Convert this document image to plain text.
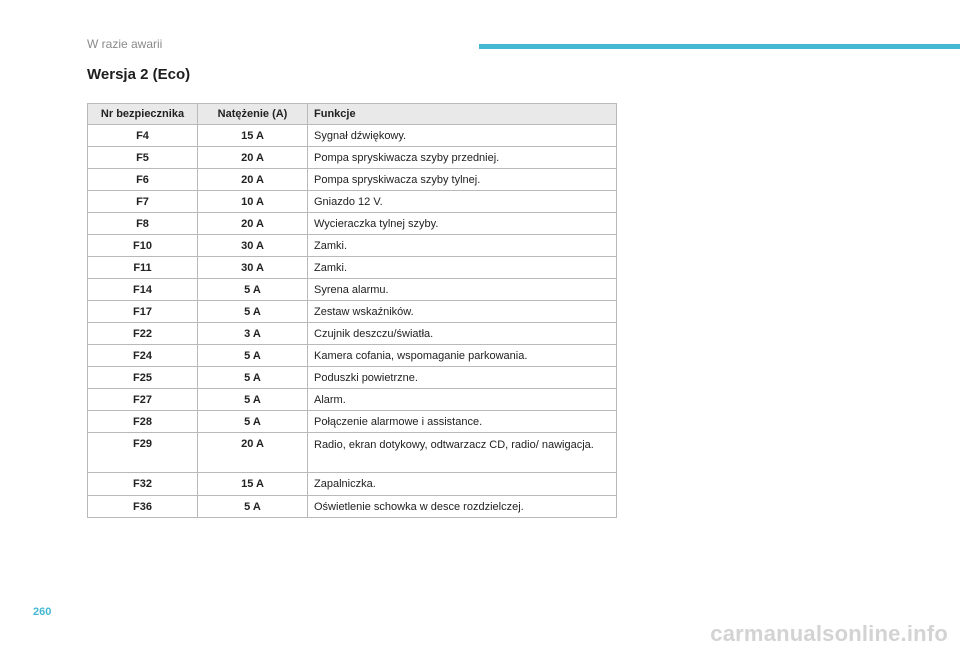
W razie awarii
Wersja 2 (Eco)
Nr bezpiecznika	Natężenie (A)	Funkcje
F4	15 A	Sygnał dźwiękowy.
F5	20 A	Pompa spryskiwacza szyby przedniej.
F6	20 A	Pompa spryskiwacza szyby tylnej.
F7	10 A	Gniazdo 12 V.
F8	20 A	Wycieraczka tylnej szyby.
F10	30 A	Zamki.
F11	30 A	Zamki.
F14	5 A	Syrena alarmu.
F17	5 A	Zestaw wskaźników.
F22	3 A	Czujnik deszczu/światła.
F24	5 A	Kamera cofania, wspomaganie parkowania.
F25	5 A	Poduszki powietrzne.
F27	5 A	Alarm.
F28	5 A	Połączenie alarmowe i assistance.
F29	20 A	Radio, ekran dotykowy, odtwarzacz CD, radio/ nawigacja.
F32	15 A	Zapalniczka.
F36	5 A	Oświetlenie schowka w desce rozdzielczej.
260
carmanualsonline.info
